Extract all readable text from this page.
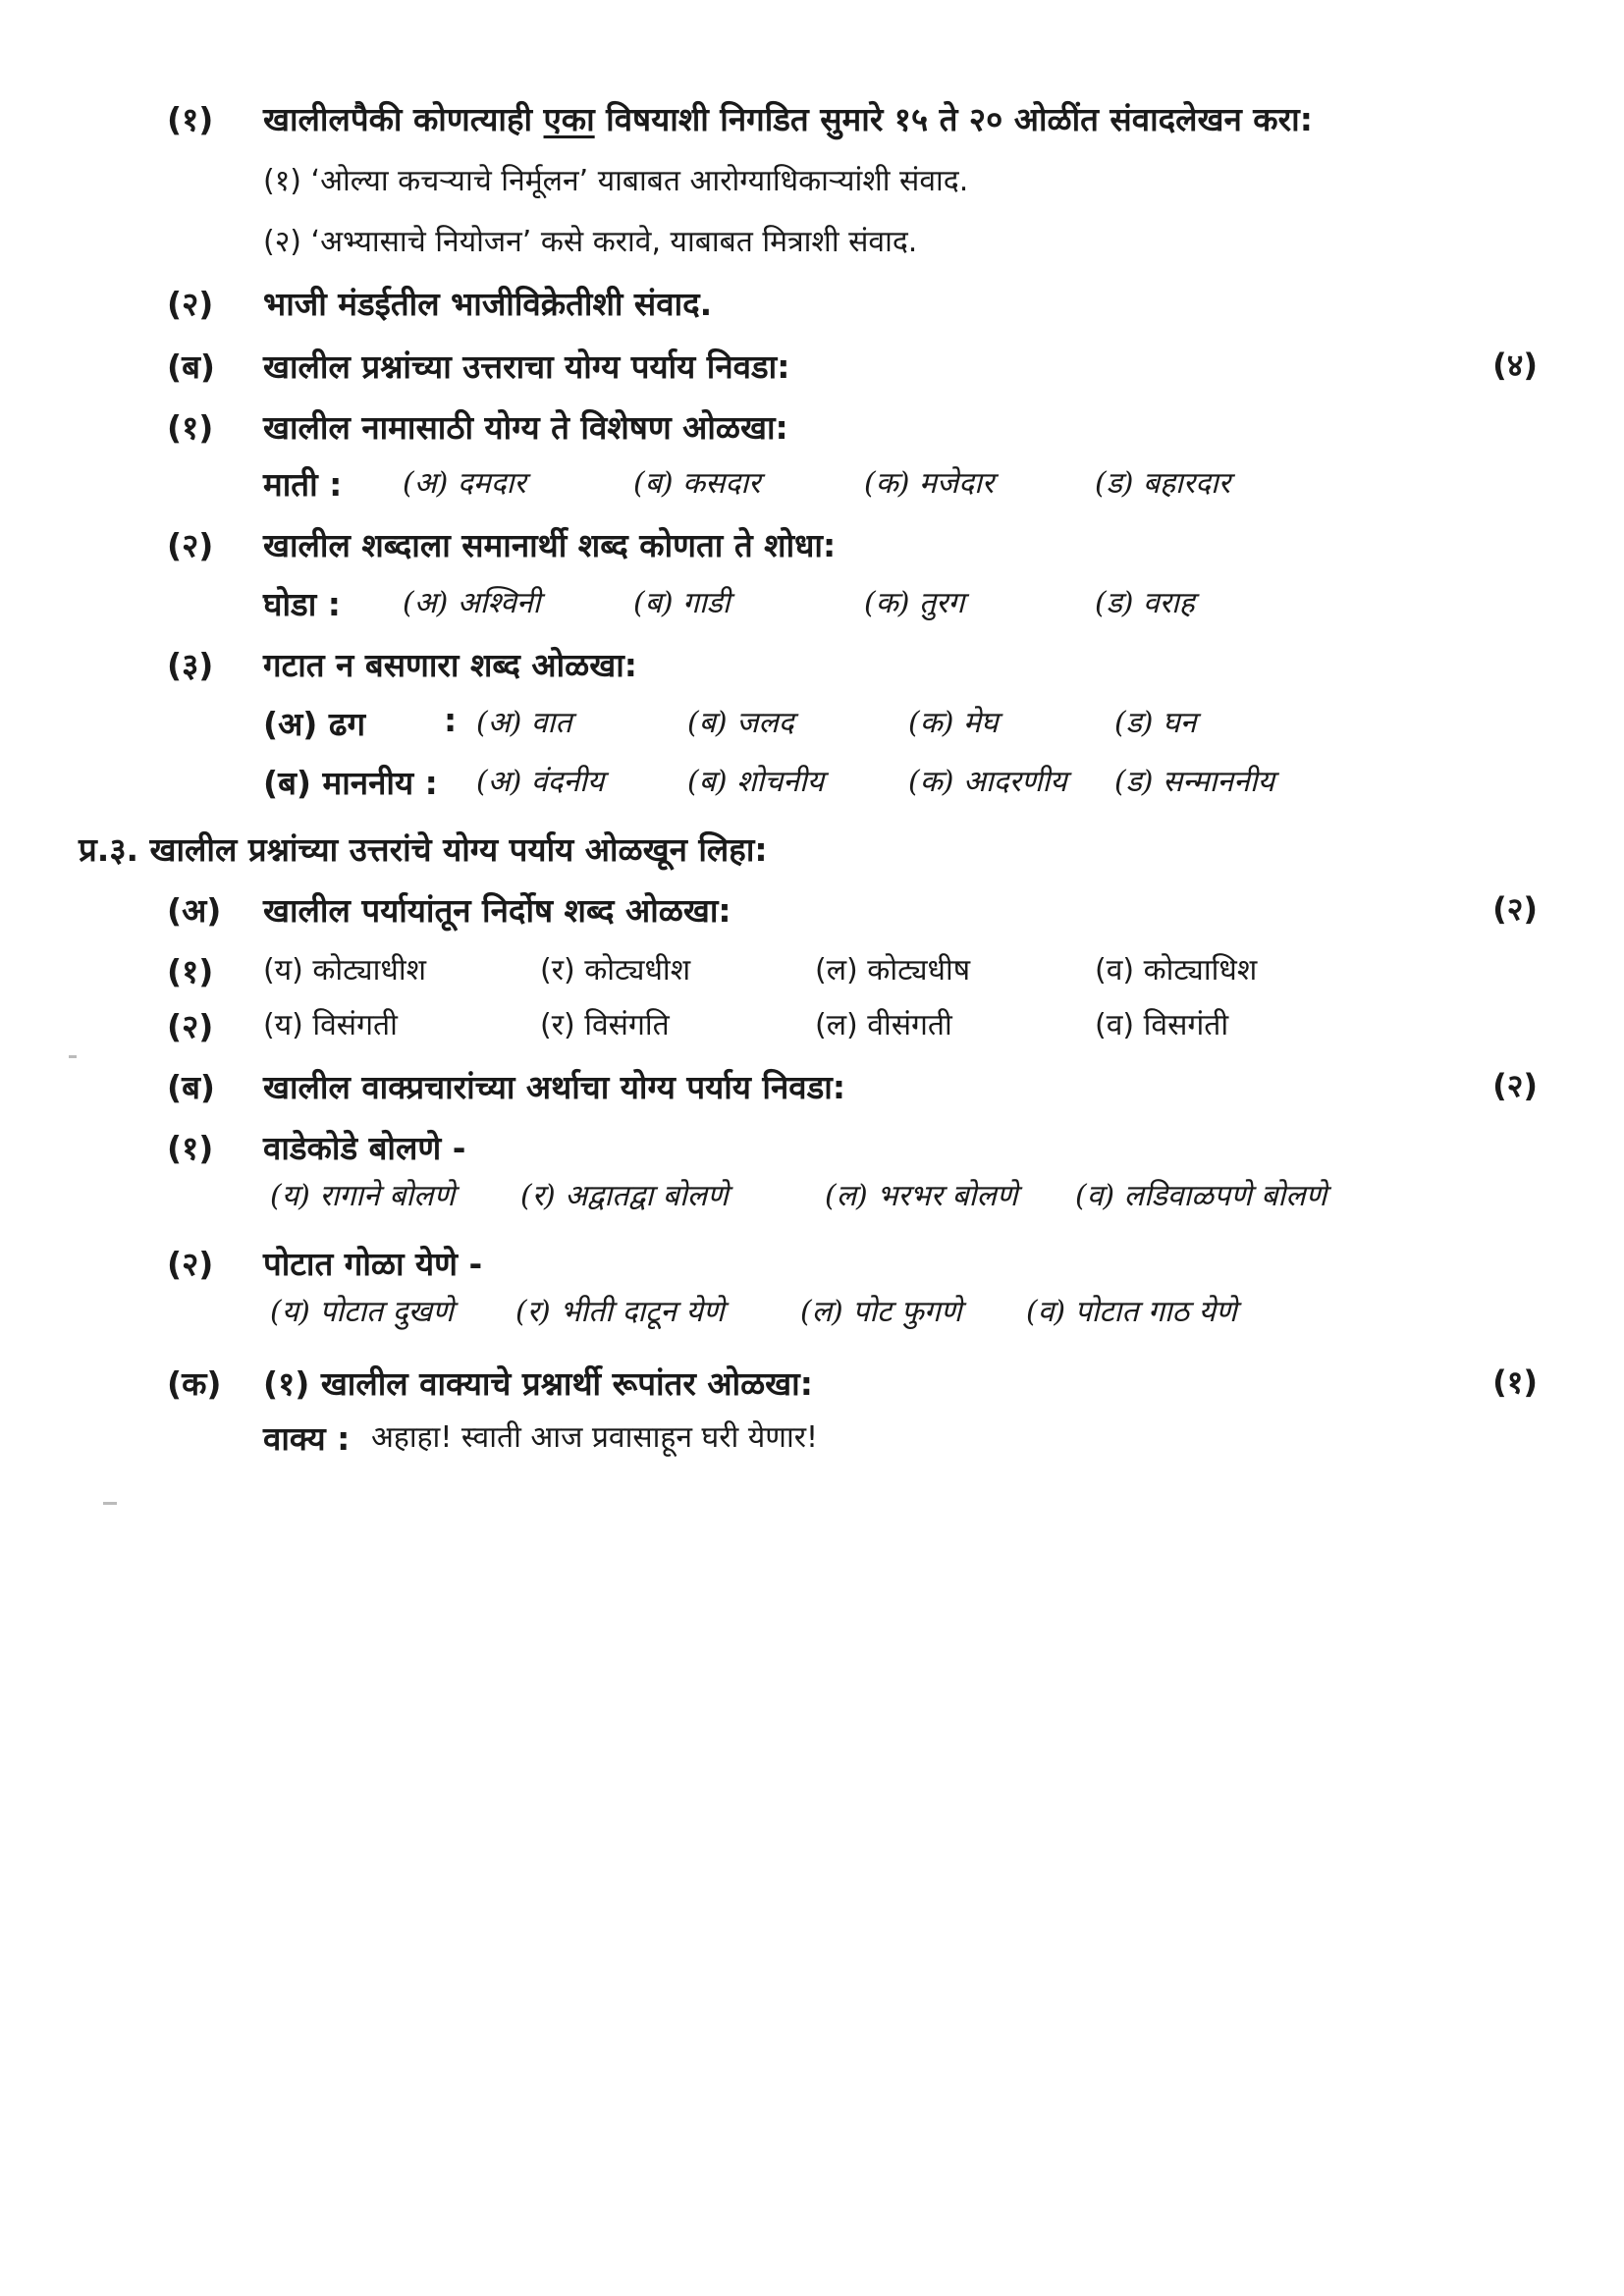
(१) खालीलपैकी कोणत्याही एका विषयाशी निगडित सुमारे १५ ते २० ओळींत संवादलेखन करा:
(१) ‘ओल्या कचऱ्याचे निर्मूलन’ याबाबत आरोग्याधिकाऱ्यांशी संवाद.
(२) ‘अभ्यासाचे नियोजन’ कसे करावे, याबाबत मित्राशी संवाद.
(२) भाजी मंडईतील भाजीविक्रेतीशी संवाद.
(ब) खालील प्रश्नांच्या उत्तराचा योग्य पर्याय निवडा:	(४)
(१) खालील नामासाठी योग्य ते विशेषण ओळखा:
माती : (अ) दमदार	(ब) कसदार	(क) मजेदार	(ड) बहारदार
(२) खालील शब्दाला समानार्थी शब्द कोणता ते शोधा:
घोडा : (अ) अश्विनी	(ब) गाडी	(क) तुरग	(ड) वराह
(३) गटात न बसणारा शब्द ओळखा:
(अ) ढग : (अ) वात	(ब) जलद	(क) मेघ	(ड) घन
(ब) माननीय : (अ) वंदनीय	(ब) शोचनीय	(क) आदरणीय (ड) सन्माननीय
प्र.३. खालील प्रश्नांच्या उत्तरांचे योग्य पर्याय ओळखून लिहा:
(अ) खालील पर्यायांतून निर्दोष शब्द ओळखा:	(२)
(१) (य) कोट्याधीश	(र) कोट्यधीश	(ल) कोट्यधीष	(व) कोट्याधिश
(२) (य) विसंगती	(र) विसंगति	(ल) वीसंगती	(व) विसगंती
(ब) खालील वाक्प्रचारांच्या अर्थाचा योग्य पर्याय निवडा:	(२)
(१) वाडेकोडे बोलणे -
(य) रागाने बोलणे (र) अद्वातद्वा बोलणे	(ल) भरभर बोलणे (व) लडिवाळपणे बोलणे
(२) पोटात गोळा येणे -
(य) पोटात दुखणे (र) भीती दाटून येणे	(ल) पोट फुगणे (व) पोटात गाठ येणे
(क) (१) खालील वाक्याचे प्रश्नार्थी रूपांतर ओळखा:	(१)
वाक्य : अहाहा! स्वाती आज प्रवासाहून घरी येणार!
